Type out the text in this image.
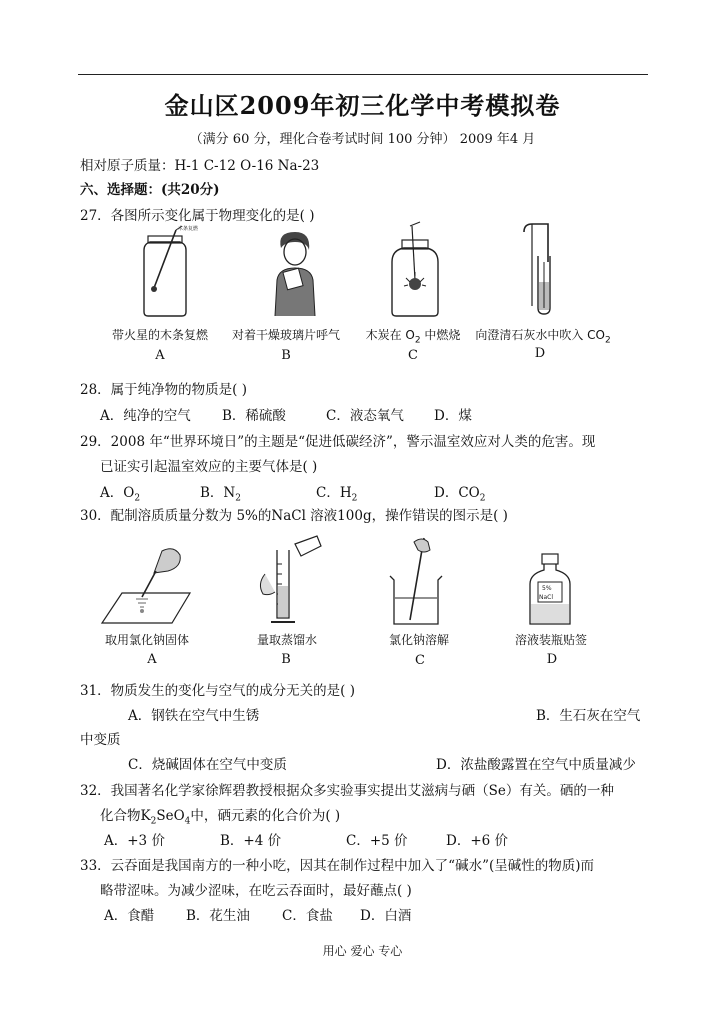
金山区2009年初三化学中考模拟卷
（满分 60 分，理化合卷考试时间 100 分钟） 2009 年4 月
相对原子质量：H-1 C-12 O-16 Na-23
六、选择题：(共20分)
27．各图所示变化属于物理变化的是( )
木条复燃
带火星的木条复燃
A
对着干燥玻璃片呼气
B
木炭在 $O_2$ 中燃烧
C
向澄清石灰水中吹入 $CO_2$
D
28．属于纯净物的物质是( )
A．纯净的空气 B．稀硫酸	C．液态氧气 D．煤
29．2008 年“世界环境日”的主题是“促进低碳经济”，警示温室效应对人类的危害。现
已证实引起温室效应的主要气体是( )
A．$O_2$	B．$N_2$	C．$H_2$	D．$CO_2$
30．配制溶质质量分数为 5%的NaCl 溶液100g，操作错误的图示是( )
取用氯化钠固体
A
量取蒸馏水
B
氯化钠溶解
C
5%
NaCl
溶液装瓶贴签
D
31．物质发生的变化与空气的成分无关的是( )
A．钢铁在空气中生锈	B．生石灰在空气
中变质
C．烧碱固体在空气中变质	D．浓盐酸露置在空气中质量减少
32．我国著名化学家徐辉碧教授根据众多实验事实提出艾滋病与硒（Se）有关。硒的一种
化合物$K_2SeO_4$中，硒元素的化合价为( )
A．+3 价	B．+4 价	C．+5 价	D．+6 价
33．云吞面是我国南方的一种小吃，因其在制作过程中加入了“碱水”(呈碱性的物质)而
略带涩味。为减少涩味，在吃云吞面时，最好蘸点( )
A．食醋 B．花生油 C．食盐 D．白酒
用心 爱心 专心
